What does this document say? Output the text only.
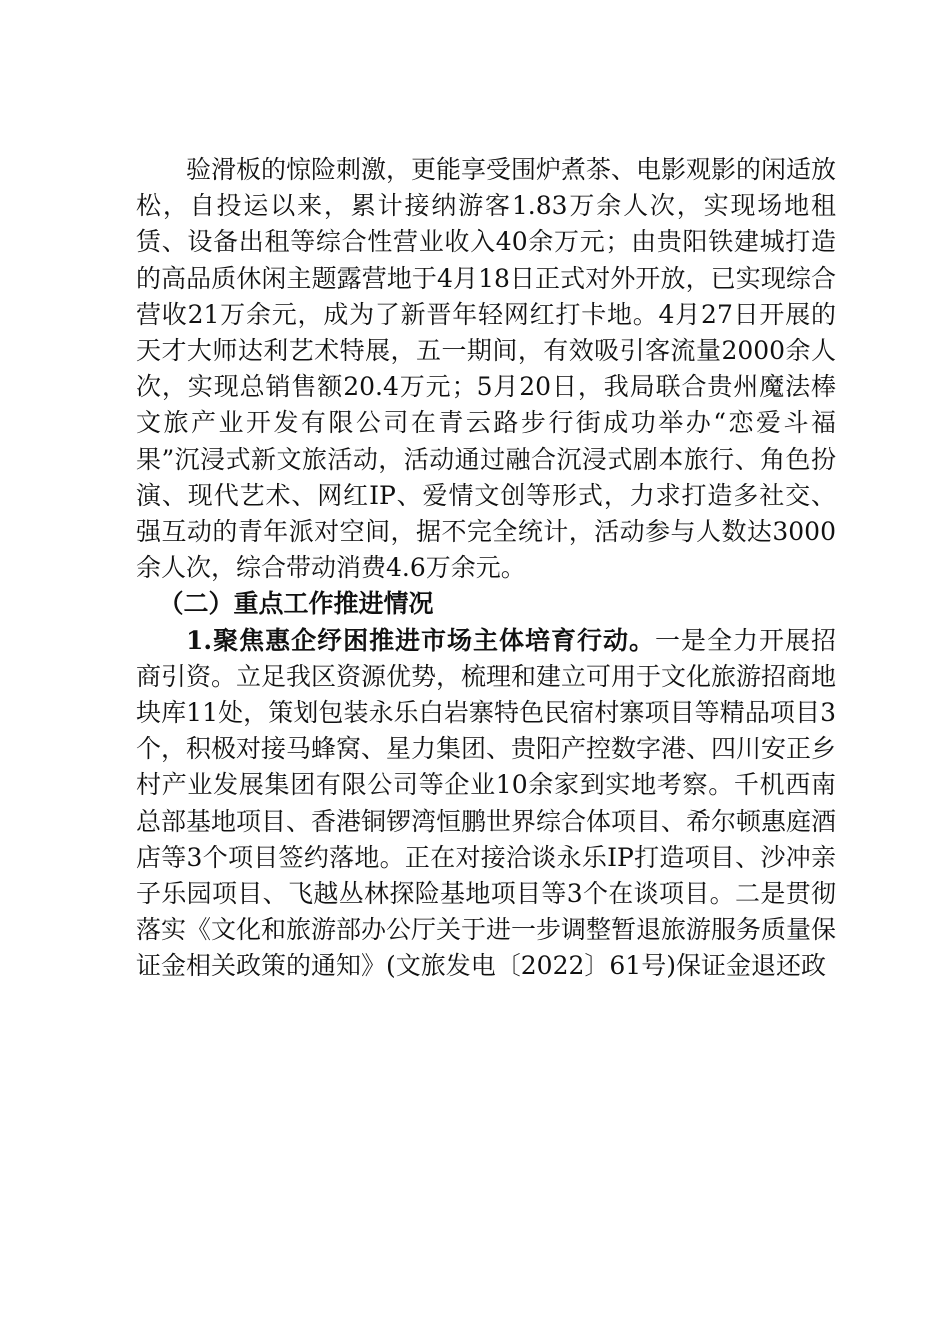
验滑板的惊险刺激，更能享受围炉煮茶、电影观影的闲适放松，自投运以来，累计接纳游客1.83万余人次，实现场地租赁、设备出租等综合性营业收入40余万元；由贵阳铁建城打造的高品质休闲主题露营地于4月18日正式对外开放，已实现综合营收21万余元，成为了新晋年轻网红打卡地。4月27日开展的天才大师达利艺术特展，五一期间，有效吸引客流量2000余人次，实现总销售额20.4万元；5月20日，我局联合贵州魔法棒文旅产业开发有限公司在青云路步行街成功举办“恋爱斗福果”沉浸式新文旅活动，活动通过融合沉浸式剧本旅行、角色扮演、现代艺术、网红IP、爱情文创等形式，力求打造多社交、强互动的青年派对空间，据不完全统计，活动参与人数达3000余人次，综合带动消费4.6万余元。

（二）重点工作推进情况

1.聚焦惠企纾困推进市场主体培育行动。一是全力开展招商引资。立足我区资源优势，梳理和建立可用于文化旅游招商地块库11处，策划包装永乐白岩寨特色民宿村寨项目等精品项目3个，积极对接马蜂窝、星力集团、贵阳产控数字港、四川安正乡村产业发展集团有限公司等企业10余家到实地考察。千机西南总部基地项目、香港铜锣湾恒鹏世界综合体项目、希尔顿惠庭酒店等3个项目签约落地。正在对接洽谈永乐IP打造项目、沙冲亲子乐园项目、飞越丛林探险基地项目等3个在谈项目。二是贯彻落实《文化和旅游部办公厅关于进一步调整暂退旅游服务质量保证金相关政策的通知》(文旅发电〔2022〕61号)保证金退还政
